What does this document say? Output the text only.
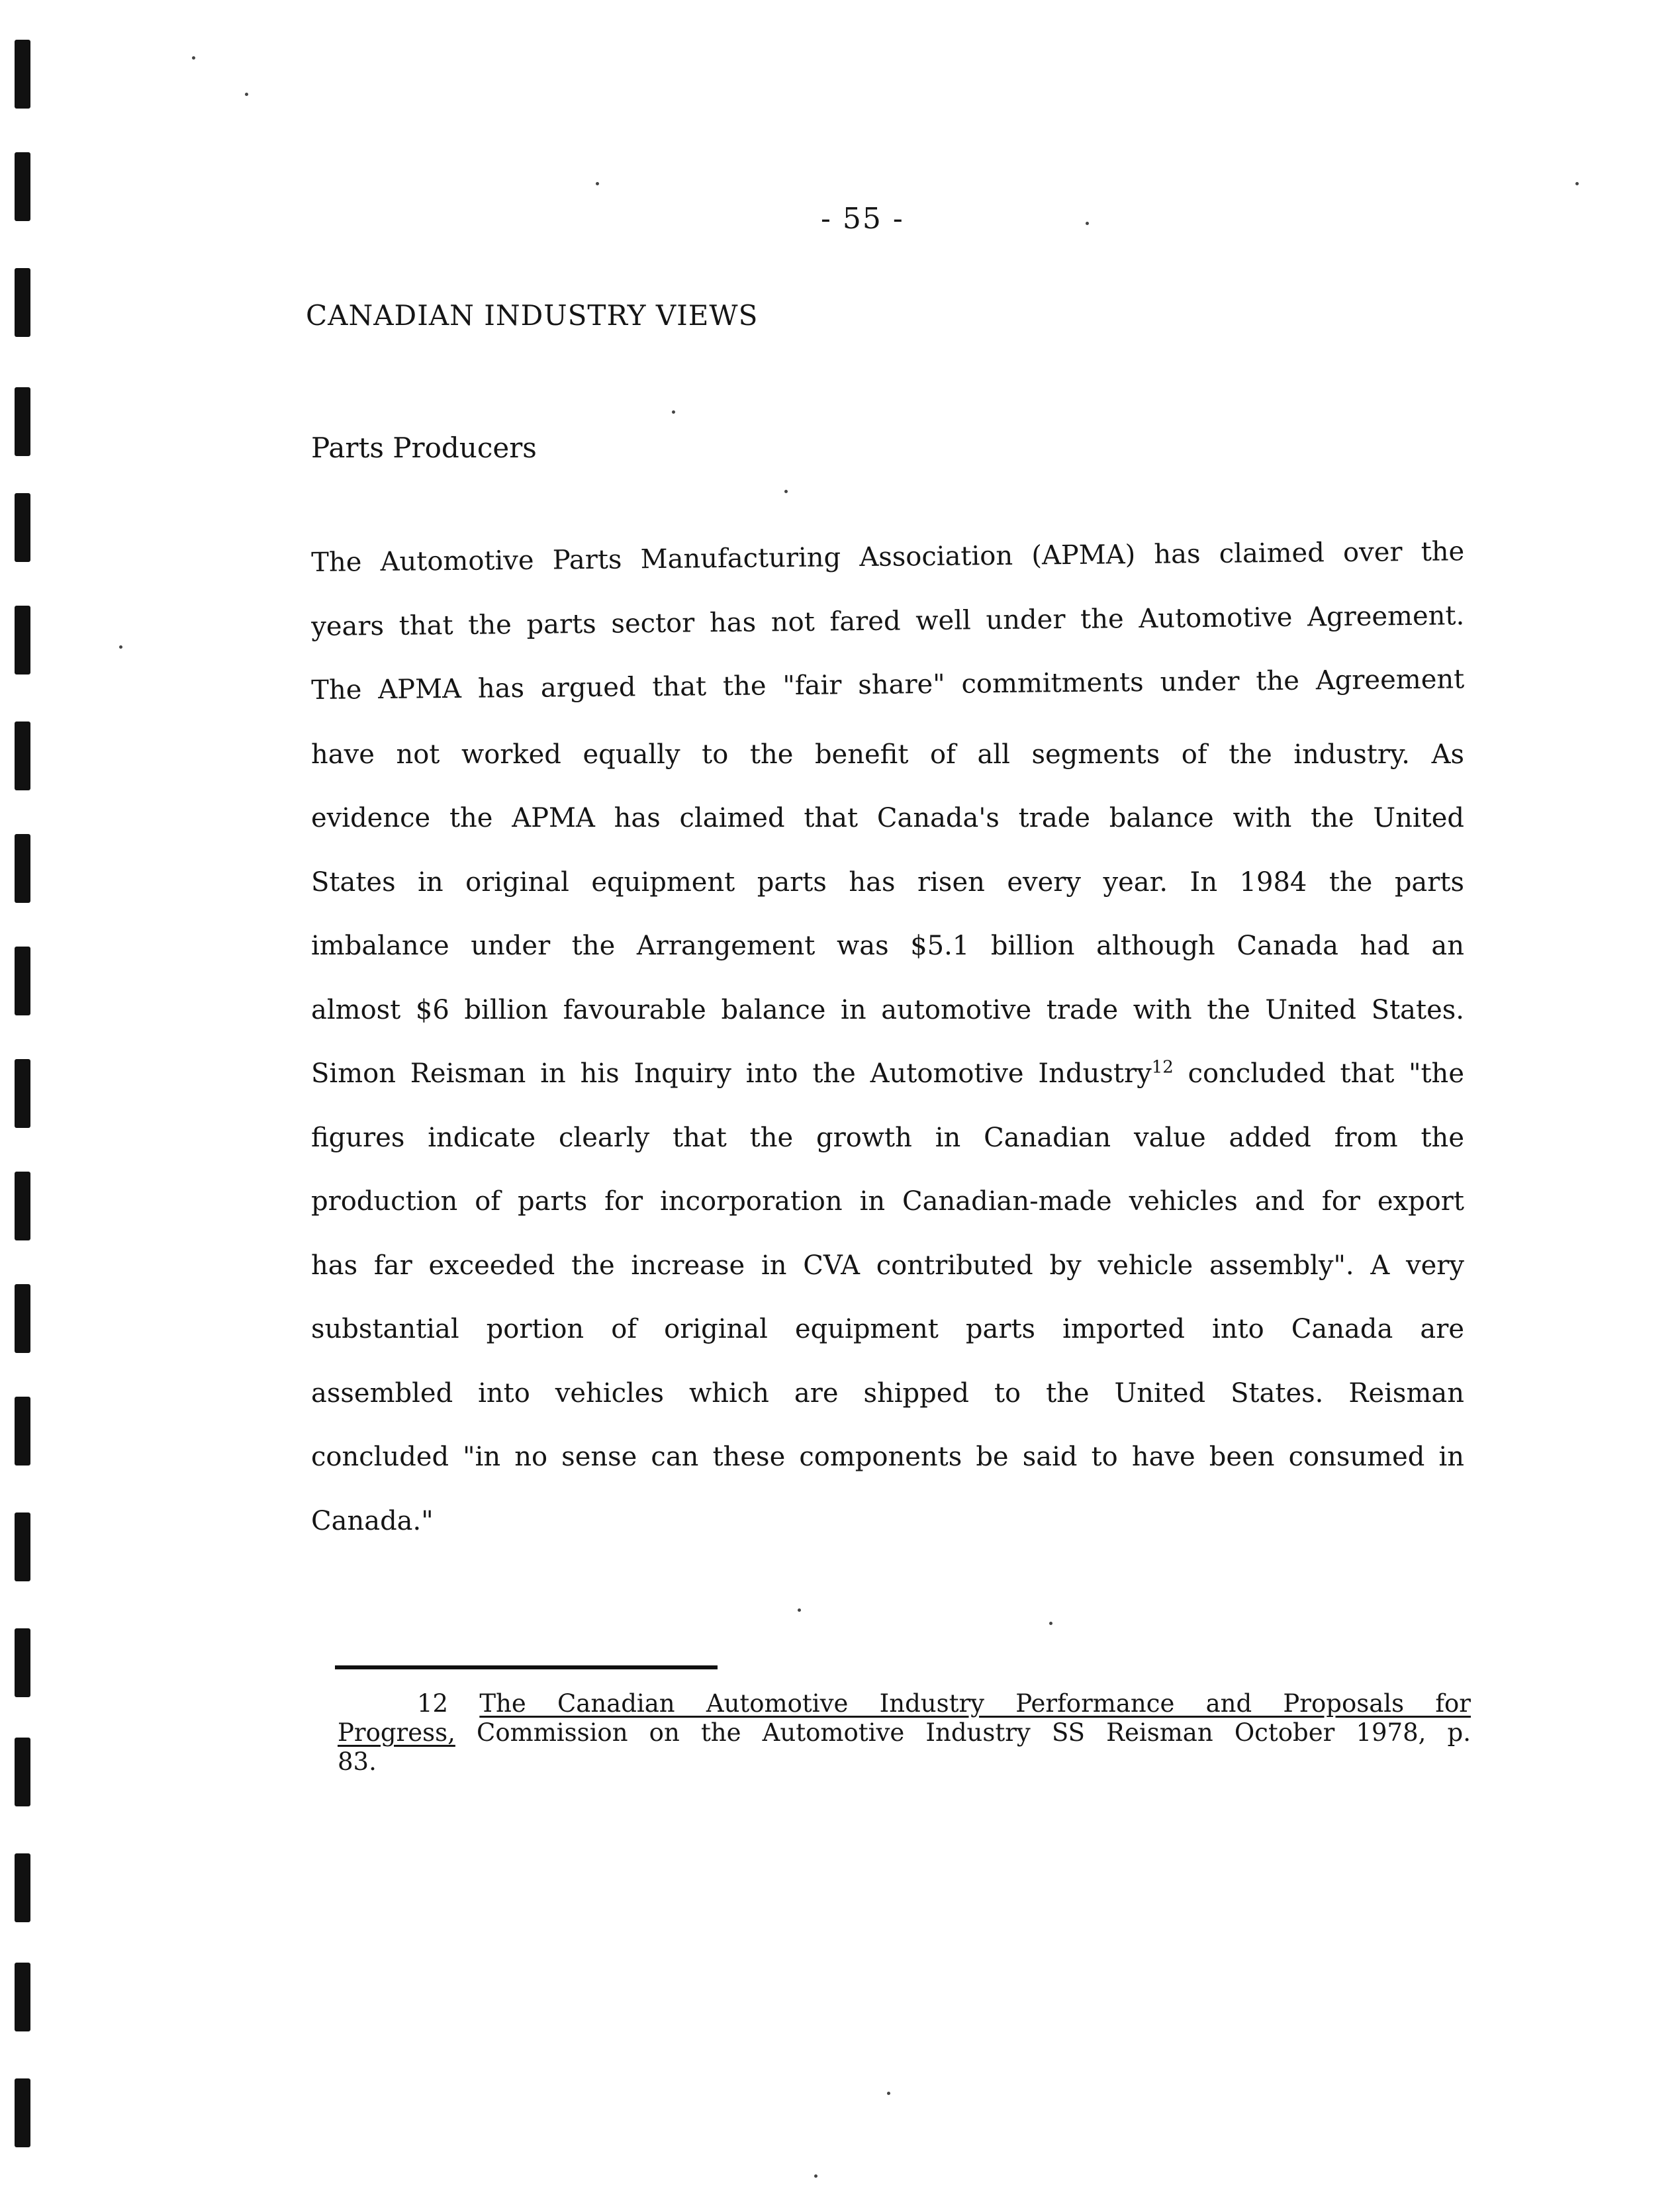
- 55 -
CANADIAN INDUSTRY VIEWS
Parts Producers
The Automotive Parts Manufacturing Association (APMA) has claimed over the
years that the parts sector has not fared well under the Automotive Agreement.
The APMA has argued that the "fair share" commitments under the Agreement
have not worked equally to the benefit of all segments of the industry. As
evidence the APMA has claimed that Canada's trade balance with the United
States in original equipment parts has risen every year. In 1984 the parts
imbalance under the Arrangement was $5.1 billion although Canada had an
almost $6 billion favourable balance in automotive trade with the United States.
Simon Reisman in his Inquiry into the Automotive Industry$^{12}$ concluded that "the
figures indicate clearly that the growth in Canadian value added from the
production of parts for incorporation in Canadian-made vehicles and for export
has far exceeded the increase in CVA contributed by vehicle assembly". A very
substantial portion of original equipment parts imported into Canada are
assembled into vehicles which are shipped to the United States. Reisman
concluded "in no sense can these components be said to have been consumed in
Canada."
12 The Canadian Automotive Industry Performance and Proposals for
Progress, Commission on the Automotive Industry SS Reisman October 1978, p.
83.
